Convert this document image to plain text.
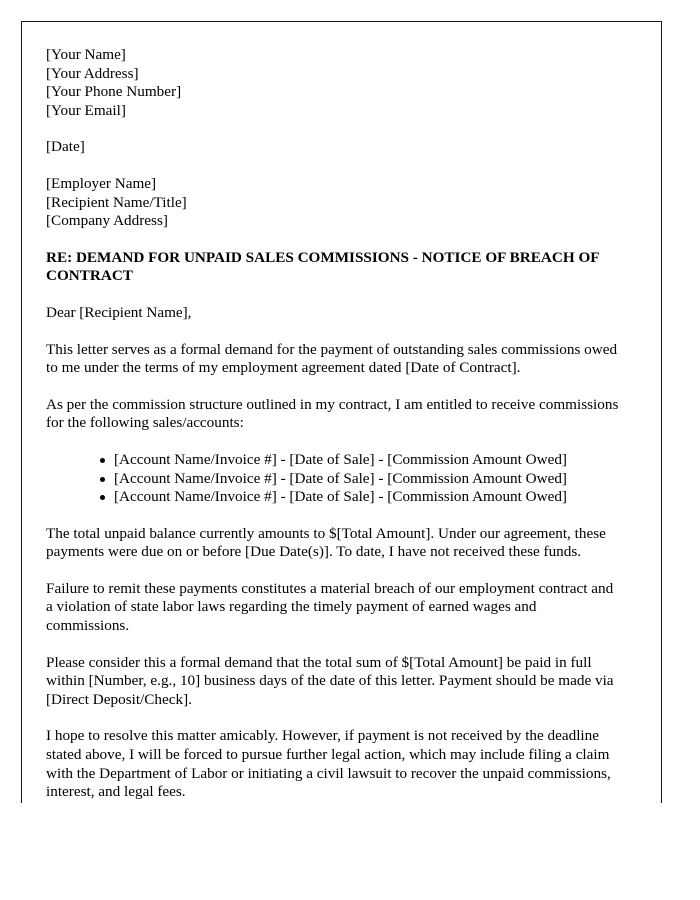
[Your Name]
[Your Address]
[Your Phone Number]
[Your Email]
[Date]
[Employer Name]
[Recipient Name/Title]
[Company Address]
RE: DEMAND FOR UNPAID SALES COMMISSIONS - NOTICE OF BREACH OF CONTRACT
Dear [Recipient Name],
This letter serves as a formal demand for the payment of outstanding sales commissions owed to me under the terms of my employment agreement dated [Date of Contract].
As per the commission structure outlined in my contract, I am entitled to receive commissions for the following sales/accounts:
[Account Name/Invoice #] - [Date of Sale] - [Commission Amount Owed]
[Account Name/Invoice #] - [Date of Sale] - [Commission Amount Owed]
[Account Name/Invoice #] - [Date of Sale] - [Commission Amount Owed]
The total unpaid balance currently amounts to $[Total Amount]. Under our agreement, these payments were due on or before [Due Date(s)]. To date, I have not received these funds.
Failure to remit these payments constitutes a material breach of our employment contract and a violation of state labor laws regarding the timely payment of earned wages and commissions.
Please consider this a formal demand that the total sum of $[Total Amount] be paid in full within [Number, e.g., 10] business days of the date of this letter. Payment should be made via [Direct Deposit/Check].
I hope to resolve this matter amicably. However, if payment is not received by the deadline stated above, I will be forced to pursue further legal action, which may include filing a claim with the Department of Labor or initiating a civil lawsuit to recover the unpaid commissions, interest, and legal fees.
